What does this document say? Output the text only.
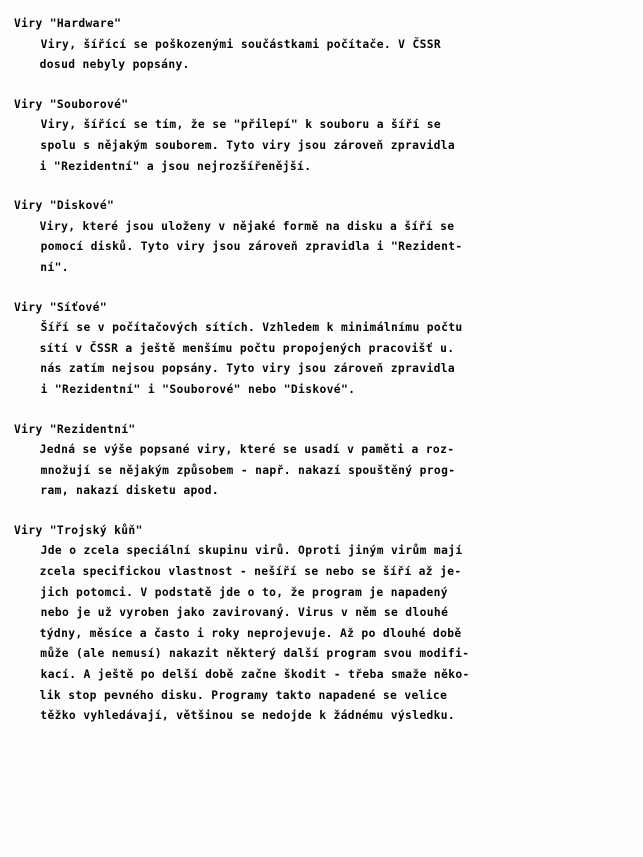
Viry "Hardware"
Viry, šířící se poškozenými součástkami počítače. V ČSSR
dosud nebyly popsány.
Viry "Souborové"
Viry, šířící se tím, že se "přilepí" k souboru a šíří se
spolu s nějakým souborem. Tyto viry jsou zároveň zpravidla
i "Rezidentní" a jsou nejrozšířenější.
Viry "Diskové"
Viry, které jsou uloženy v nějaké formě na disku a šíří se
pomocí disků. Tyto viry jsou zároveň zpravidla i "Rezident-
ní".
Viry "Síťové"
Šíří se v počítačových sítích. Vzhledem k minimálnímu počtu
sítí v ČSSR a ještě menšímu počtu propojených pracovišť u.
nás zatím nejsou popsány. Tyto viry jsou zároveň zpravidla
i "Rezidentní" i "Souborové" nebo "Diskové".
Viry "Rezidentní"
Jedná se výše popsané viry, které se usadí v paměti a roz-
množují se nějakým způsobem - např. nakazí spouštěný prog-
ram, nakazí disketu apod.
Viry "Trojský kůň"
Jde o zcela speciální skupinu virů. Oproti jiným virům mají
zcela specifickou vlastnost - nešíří se nebo se šíří až je-
jich potomci. V podstatě jde o to, že program je napadený
nebo je už vyroben jako zavirovaný. Virus v něm se dlouhé
týdny, měsíce a často i roky neprojevuje. Až po dlouhé době
může (ale nemusí) nakazit některý další program svou modifi-
kací. A ještě po delší době začne škodit - třeba smaže něko-
lik stop pevného disku. Programy takto napadené se velice
těžko vyhledávají, většinou se nedojde k žádnému výsledku.
